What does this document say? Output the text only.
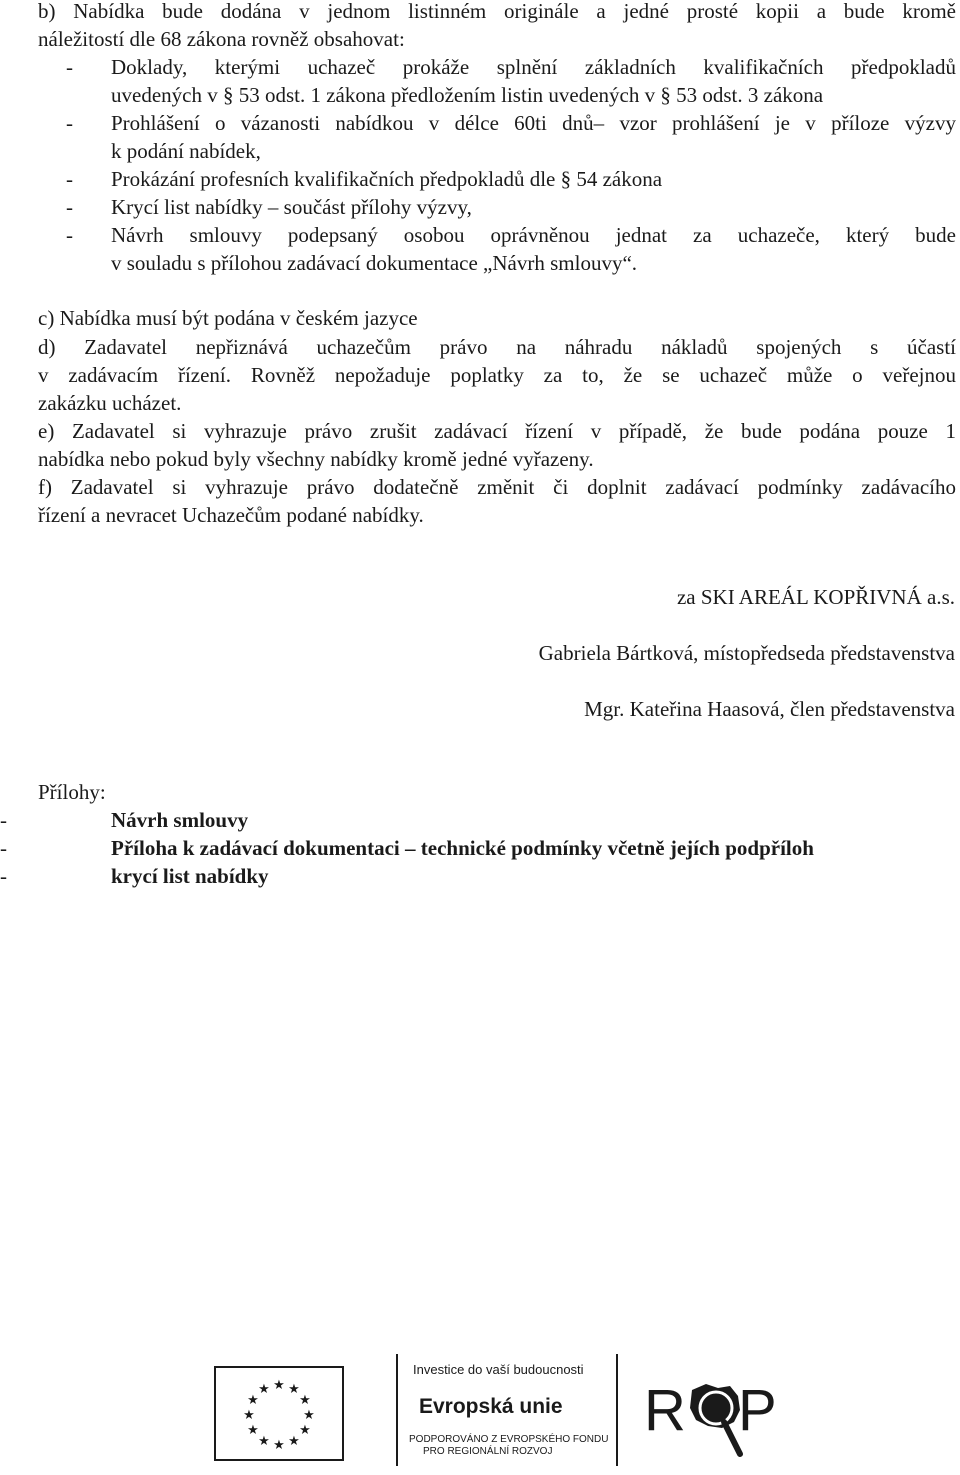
b) Nabídka bude dodána v jednom listinném originále a jedné prosté kopii a bude kromě
náležitostí dle 68 zákona rovněž obsahovat:
- Doklady, kterými uchazeč prokáže splnění základních kvalifikačních předpokladů
uvedených v § 53 odst. 1 zákona předložením listin uvedených v § 53 odst. 3 zákona
- Prohlášení o vázanosti nabídkou v délce 60ti dnů– vzor prohlášení je v příloze výzvy
k podání nabídek,
- Prokázání profesních kvalifikačních předpokladů dle § 54 zákona
- Krycí list nabídky – součást přílohy výzvy,
- Návrh smlouvy podepsaný osobou oprávněnou jednat za uchazeče, který bude
v souladu s přílohou zadávací dokumentace „Návrh smlouvy“.
c) Nabídka musí být podána v českém jazyce
d) Zadavatel nepřiznává uchazečům právo na náhradu nákladů spojených s účastí
v zadávacím řízení. Rovněž nepožaduje poplatky za to, že se uchazeč může o veřejnou
zakázku ucházet.
e) Zadavatel si vyhrazuje právo zrušit zadávací řízení v případě, že bude podána pouze 1
nabídka nebo pokud byly všechny nabídky kromě jedné vyřazeny.
f) Zadavatel si vyhrazuje právo dodatečně změnit či doplnit zadávací podmínky zadávacího
řízení a nevracet Uchazečům podané nabídky.
za SKI AREÁL KOPŘIVNÁ a.s.
Gabriela Bártková, místopředseda představenstva
Mgr. Kateřina Haasová, člen představenstva
Přílohy:
-	Návrh smlouvy
-	Příloha k zadávací dokumentaci – technické podmínky včetně jejích podpříloh
-	krycí list nabídky
★ ★
★
★
★
★
★
★
★
★
★
★
Investice do vaší budoucnosti
Evropská unie
PODPOROVÁNO Z EVROPSKÉHO FONDU
PRO REGIONÁLNÍ ROZVOJ
R P
